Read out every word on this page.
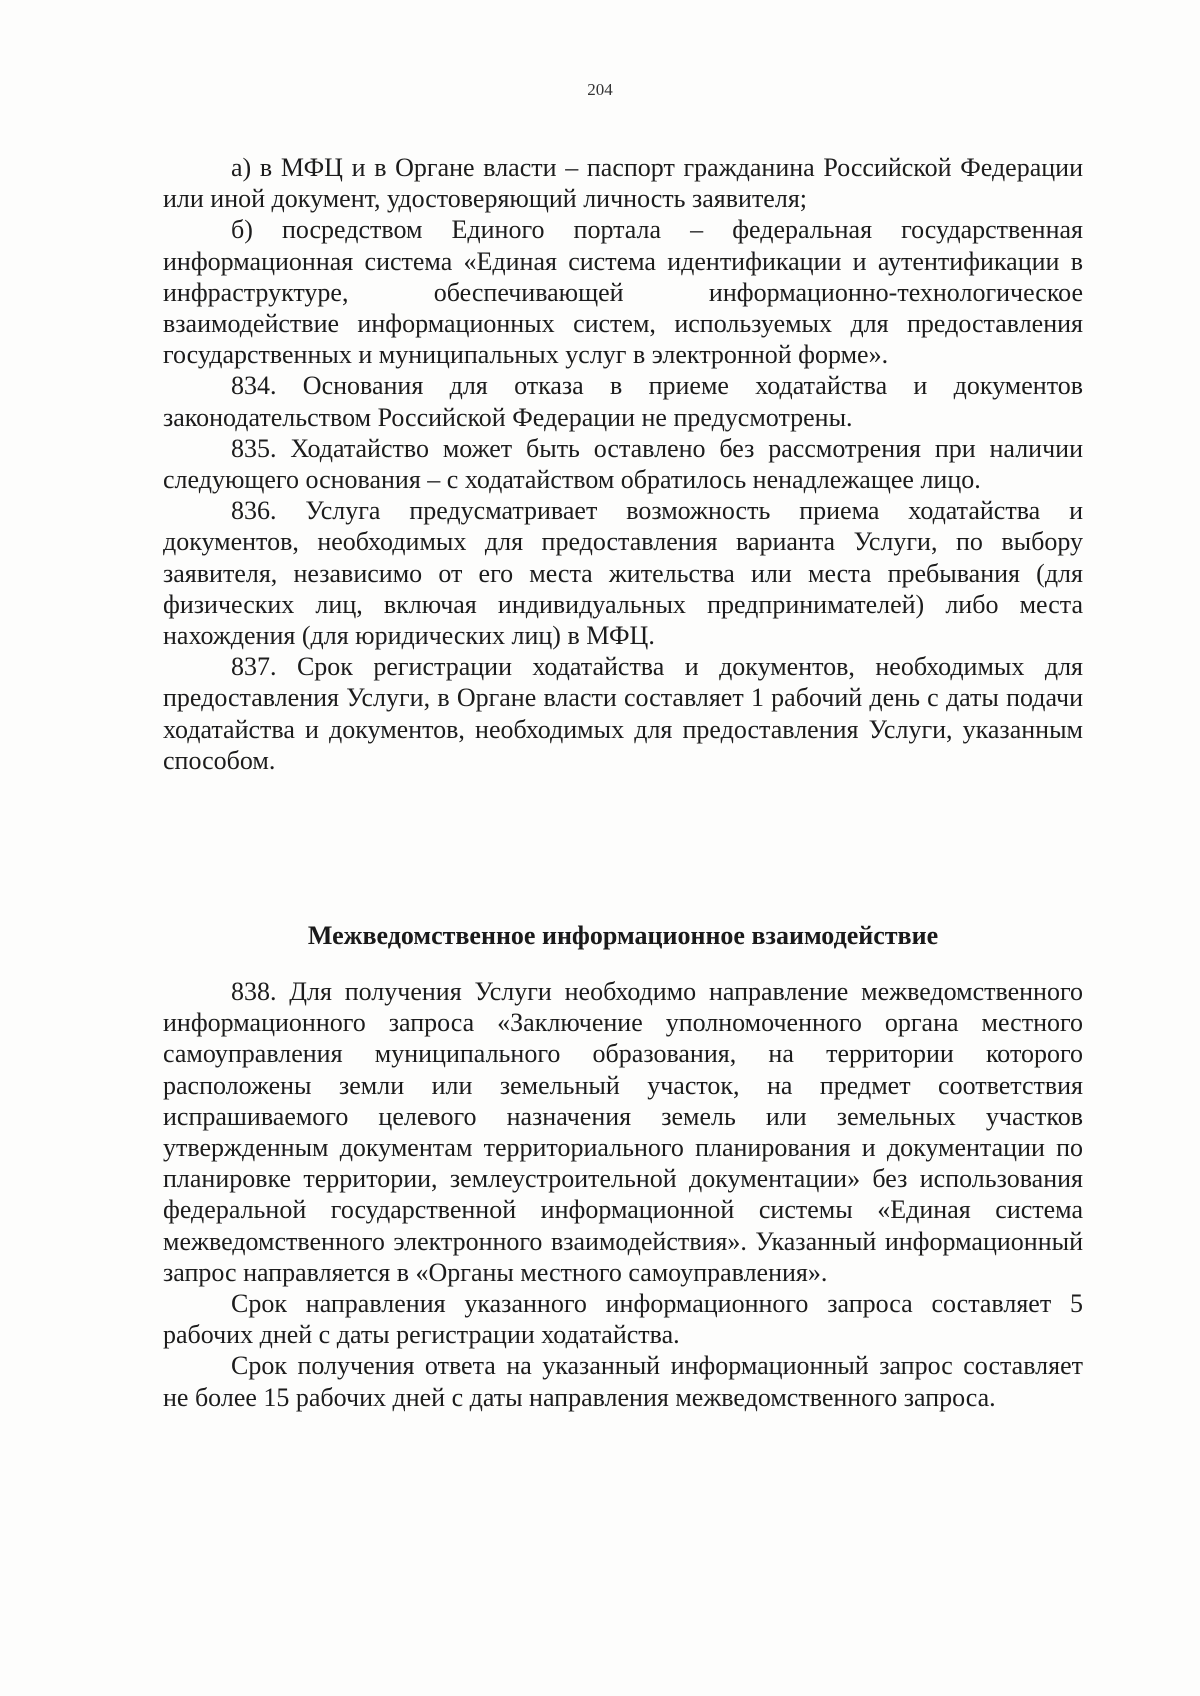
204

а) в МФЦ и в Органе власти – паспорт гражданина Российской Федерации или иной документ, удостоверяющий личность заявителя;

б) посредством Единого портала – федеральная государственная информационная система «Единая система идентификации и аутентификации в инфраструктуре, обеспечивающей информационно-технологическое взаимодействие информационных систем, используемых для предоставления государственных и муниципальных услуг в электронной форме».

834. Основания для отказа в приеме ходатайства и документов законодательством Российской Федерации не предусмотрены.

835. Ходатайство может быть оставлено без рассмотрения при наличии следующего основания – с ходатайством обратилось ненадлежащее лицо.

836. Услуга предусматривает возможность приема ходатайства и документов, необходимых для предоставления варианта Услуги, по выбору заявителя, независимо от его места жительства или места пребывания (для физических лиц, включая индивидуальных предпринимателей) либо места нахождения (для юридических лиц) в МФЦ.

837. Срок регистрации ходатайства и документов, необходимых для предоставления Услуги, в Органе власти составляет 1 рабочий день с даты подачи ходатайства и документов, необходимых для предоставления Услуги, указанным способом.

Межведомственное информационное взаимодействие

838. Для получения Услуги необходимо направление межведомственного информационного запроса «Заключение уполномоченного органа местного самоуправления муниципального образования, на территории которого расположены земли или земельный участок, на предмет соответствия испрашиваемого целевого назначения земель или земельных участков утвержденным документам территориального планирования и документации по планировке территории, землеустроительной документации» без использования федеральной государственной информационной системы «Единая система межведомственного электронного взаимодействия». Указанный информационный запрос направляется в «Органы местного самоуправления».

Срок направления указанного информационного запроса составляет 5 рабочих дней с даты регистрации ходатайства.

Срок получения ответа на указанный информационный запрос составляет не более 15 рабочих дней с даты направления межведомственного запроса.
